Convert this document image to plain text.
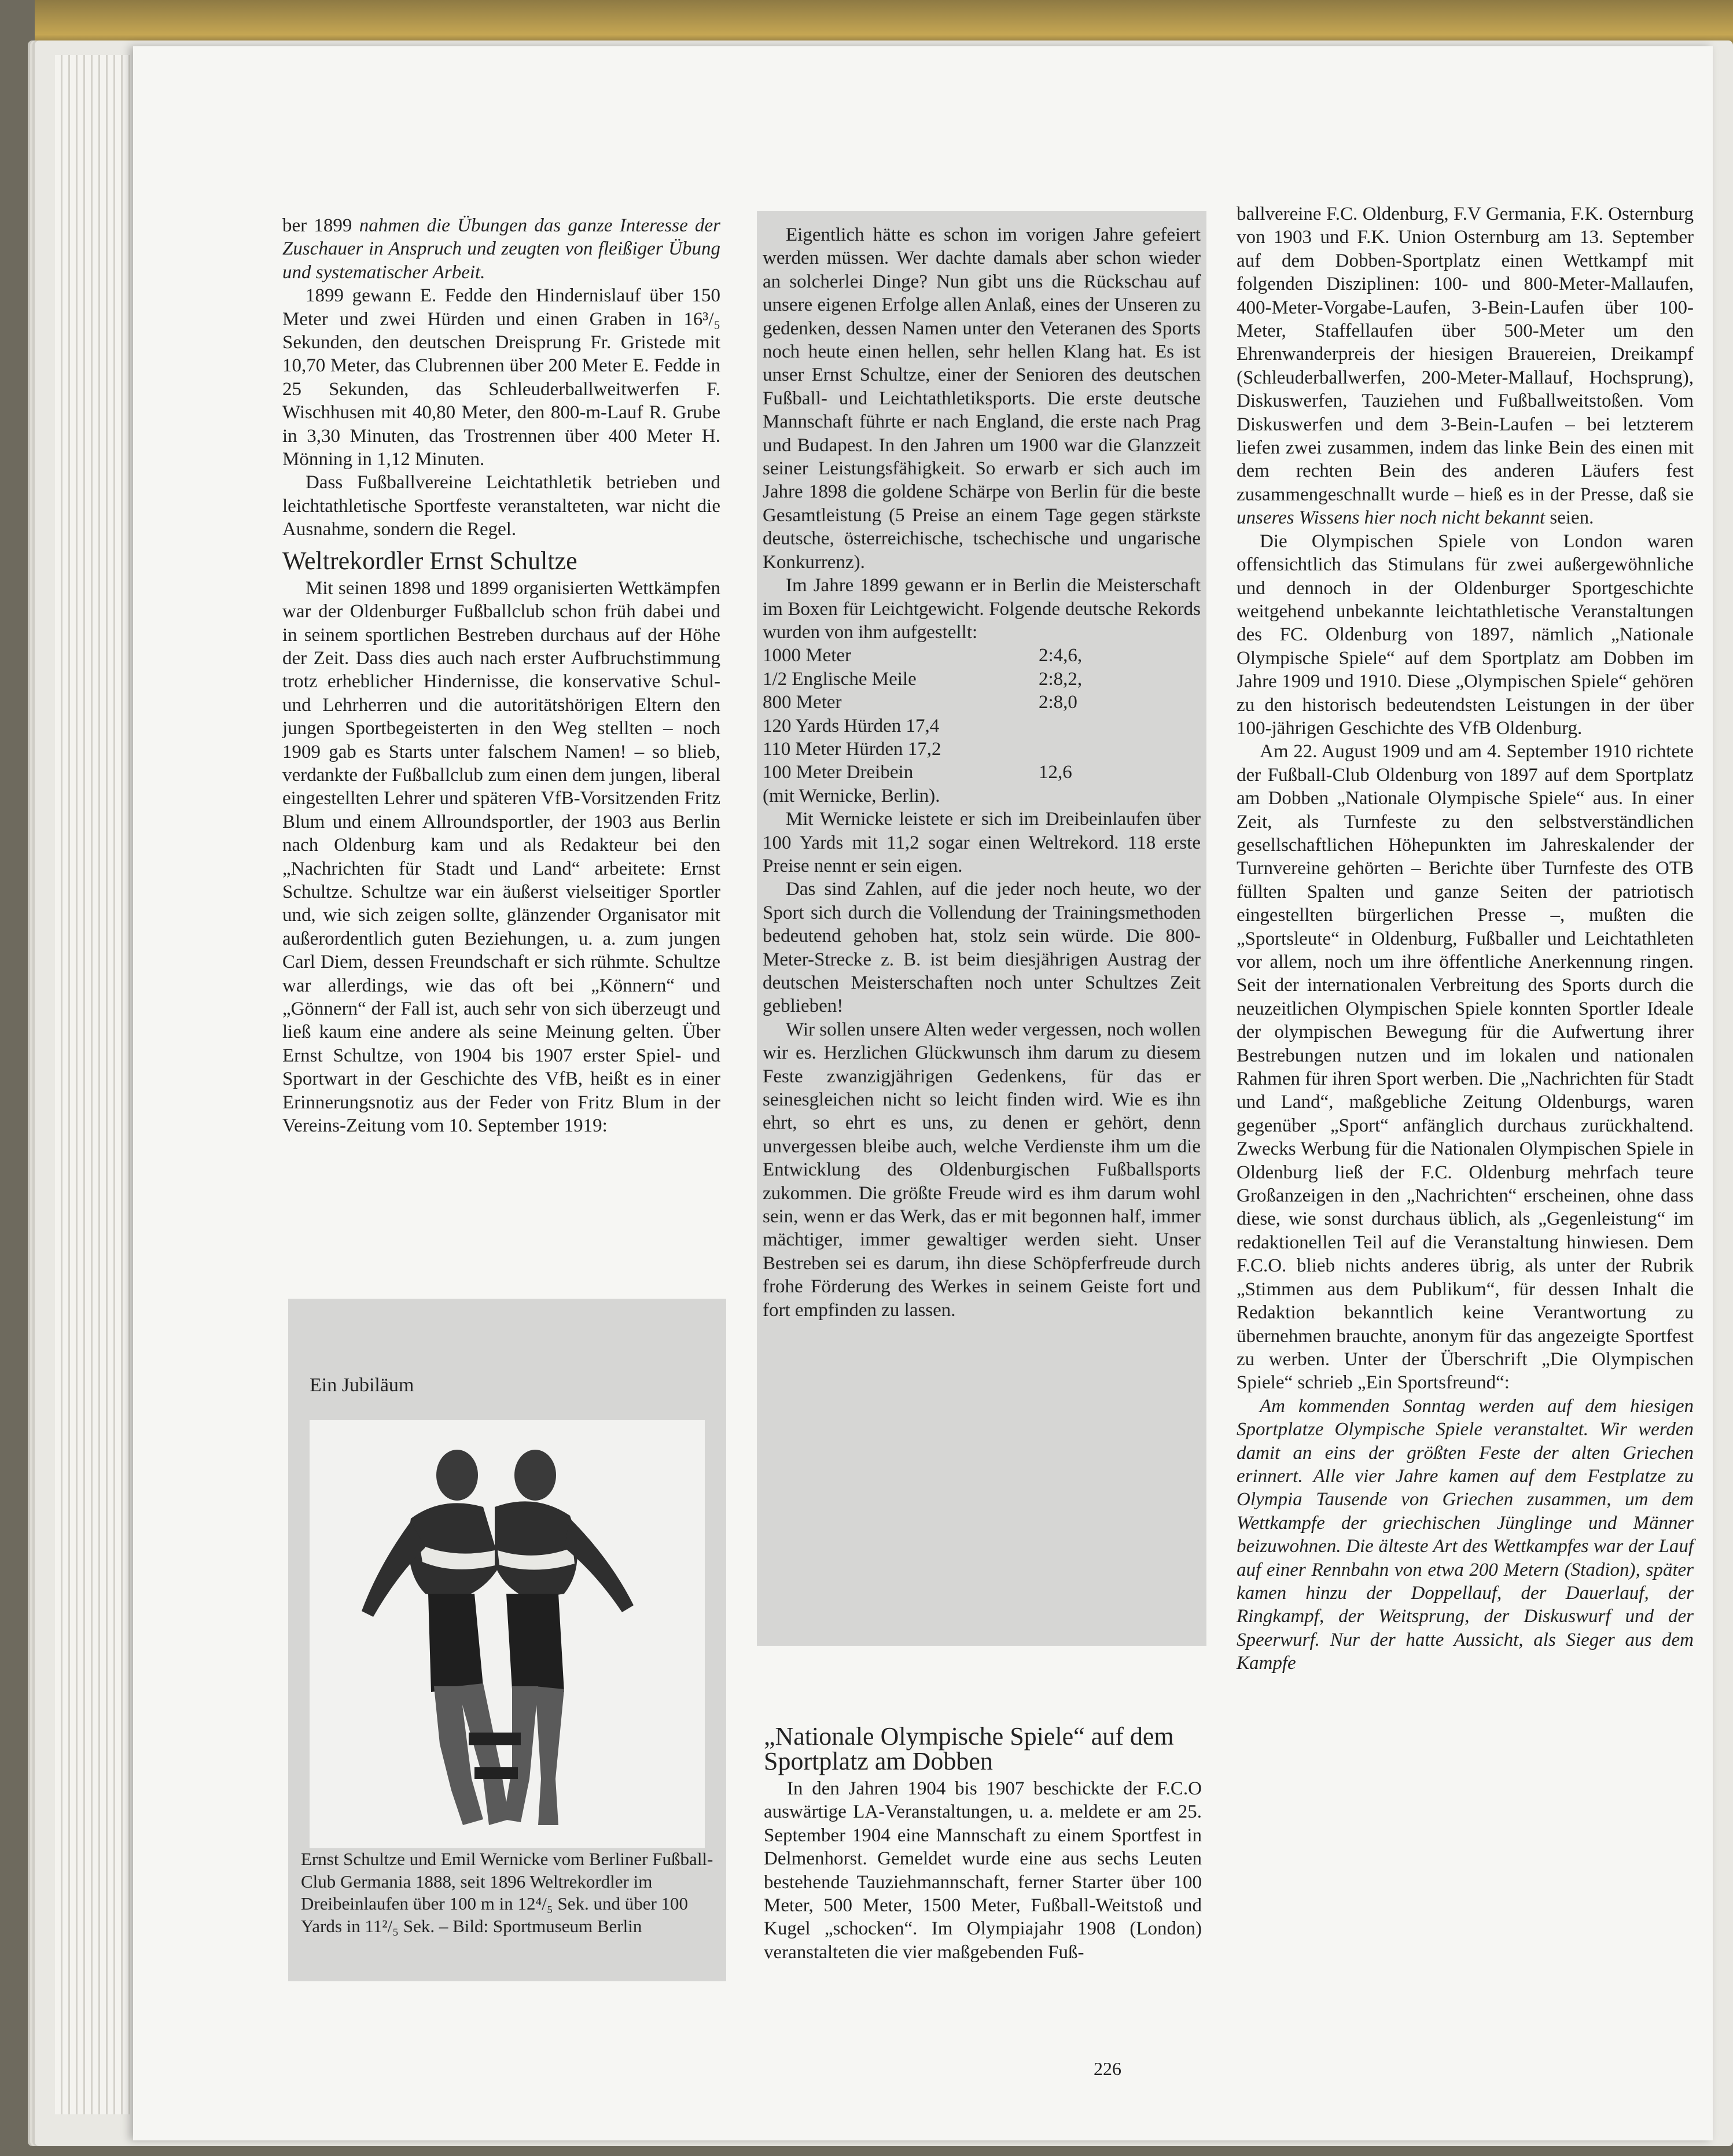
ber 1899 nahmen die Übungen das ganze Interesse der Zuschauer in Anspruch und zeugten von fleißiger Übung und systematischer Arbeit.

1899 gewann E. Fedde den Hindernislauf über 150 Meter und zwei Hürden und einen Graben in 16³/₅ Sekunden, den deutschen Dreisprung Fr. Gristede mit 10,70 Meter, das Clubrennen über 200 Meter E. Fedde in 25 Sekunden, das Schleuderballweitwerfen F. Wischhusen mit 40,80 Meter, den 800-m-Lauf R. Grube in 3,30 Minuten, das Trostrennen über 400 Meter H. Mönning in 1,12 Minuten.

Dass Fußballvereine Leichtathletik betrieben und leichtathletische Sportfeste veranstalteten, war nicht die Ausnahme, sondern die Regel.

Weltrekordler Ernst Schultze

Mit seinen 1898 und 1899 organisierten Wettkämpfen war der Oldenburger Fußballclub schon früh dabei und in seinem sportlichen Bestreben durchaus auf der Höhe der Zeit. Dass dies auch nach erster Aufbruchstimmung trotz erheblicher Hindernisse, die konservative Schul- und Lehrherren und die autoritätshörigen Eltern den jungen Sportbegeisterten in den Weg stellten – noch 1909 gab es Starts unter falschem Namen! – so blieb, verdankte der Fußballclub zum einen dem jungen, liberal eingestellten Lehrer und späteren VfB-Vorsitzenden Fritz Blum und einem Allroundsportler, der 1903 aus Berlin nach Oldenburg kam und als Redakteur bei den „Nachrichten für Stadt und Land“ arbeitete: Ernst Schultze. Schultze war ein äußerst vielseitiger Sportler und, wie sich zeigen sollte, glänzender Organisator mit außerordentlich guten Beziehungen, u. a. zum jungen Carl Diem, dessen Freundschaft er sich rühmte. Schultze war allerdings, wie das oft bei „Könnern“ und „Gönnern“ der Fall ist, auch sehr von sich überzeugt und ließ kaum eine andere als seine Meinung gelten. Über Ernst Schultze, von 1904 bis 1907 erster Spiel- und Sportwart in der Geschichte des VfB, heißt es in einer Erinnerungsnotiz aus der Feder von Fritz Blum in der Vereins-Zeitung vom 10. September 1919:

Ein Jubiläum
Ernst Schultze und Emil Wernicke vom Berliner Fußball-Club Germania 1888, seit 1896 Weltrekordler im Dreibeinlaufen über 100 m in 12⁴/₅ Sek. und über 100 Yards in 11²/₅ Sek. – Bild: Sportmuseum Berlin

Eigentlich hätte es schon im vorigen Jahre gefeiert werden müssen. Wer dachte damals aber schon wieder an solcherlei Dinge? Nun gibt uns die Rückschau auf unsere eigenen Erfolge allen Anlaß, eines der Unseren zu gedenken, dessen Namen unter den Veteranen des Sports noch heute einen hellen, sehr hellen Klang hat. Es ist unser Ernst Schultze, einer der Senioren des deutschen Fußball- und Leichtathletiksports. Die erste deutsche Mannschaft führte er nach England, die erste nach Prag und Budapest. In den Jahren um 1900 war die Glanzzeit seiner Leistungsfähigkeit. So erwarb er sich auch im Jahre 1898 die goldene Schärpe von Berlin für die beste Gesamtleistung (5 Preise an einem Tage gegen stärkste deutsche, österreichische, tschechische und ungarische Konkurrenz).

Im Jahre 1899 gewann er in Berlin die Meisterschaft im Boxen für Leichtgewicht. Folgende deutsche Rekords wurden von ihm aufgestellt:

1000 Meter	2:4,6,
1/2 Englische Meile	2:8,2,
800 Meter	2:8,0
120 Yards Hürden 17,4	
110 Meter Hürden 17,2	
100 Meter Dreibein	12,6

(mit Wernicke, Berlin).

Mit Wernicke leistete er sich im Dreibeinlaufen über 100 Yards mit 11,2 sogar einen Weltrekord. 118 erste Preise nennt er sein eigen.

Das sind Zahlen, auf die jeder noch heute, wo der Sport sich durch die Vollendung der Trainingsmethoden bedeutend gehoben hat, stolz sein würde. Die 800-Meter-Strecke z. B. ist beim diesjährigen Austrag der deutschen Meisterschaften noch unter Schultzes Zeit geblieben!

Wir sollen unsere Alten weder vergessen, noch wollen wir es. Herzlichen Glückwunsch ihm darum zu diesem Feste zwanzigjährigen Gedenkens, für das er seinesgleichen nicht so leicht finden wird. Wie es ihn ehrt, so ehrt es uns, zu denen er gehört, denn unvergessen bleibe auch, welche Verdienste ihm um die Entwicklung des Oldenburgischen Fußballsports zukommen. Die größte Freude wird es ihm darum wohl sein, wenn er das Werk, das er mit begonnen half, immer mächtiger, immer gewaltiger werden sieht. Unser Bestreben sei es darum, ihn diese Schöpferfreude durch frohe Förderung des Werkes in seinem Geiste fort und fort empfinden zu lassen.

„Nationale Olympische Spiele“ auf dem Sportplatz am Dobben

In den Jahren 1904 bis 1907 beschickte der F.C.O auswärtige LA-Veranstaltungen, u. a. meldete er am 25. September 1904 eine Mannschaft zu einem Sportfest in Delmenhorst. Gemeldet wurde eine aus sechs Leuten bestehende Tauziehmannschaft, ferner Starter über 100 Meter, 500 Meter, 1500 Meter, Fußball-Weitstoß und Kugel „schocken“. Im Olympiajahr 1908 (London) veranstalteten die vier maßgebenden Fuß-

ballvereine F.C. Oldenburg, F.V Germania, F.K. Osternburg von 1903 und F.K. Union Osternburg am 13. September auf dem Dobben-Sportplatz einen Wettkampf mit folgenden Disziplinen: 100- und 800-Meter-Mallaufen, 400-Meter-Vorgabe-Laufen, 3-Bein-Laufen über 100-Meter, Staffellaufen über 500-Meter um den Ehrenwanderpreis der hiesigen Brauereien, Dreikampf (Schleuderballwerfen, 200-Meter-Mallauf, Hochsprung), Diskuswerfen, Tauziehen und Fußballweitstoßen. Vom Diskuswerfen und dem 3-Bein-Laufen – bei letzterem liefen zwei zusammen, indem das linke Bein des einen mit dem rechten Bein des anderen Läufers fest zusammengeschnallt wurde – hieß es in der Presse, daß sie unseres Wissens hier noch nicht bekannt seien.

Die Olympischen Spiele von London waren offensichtlich das Stimulans für zwei außergewöhnliche und dennoch in der Oldenburger Sportgeschichte weitgehend unbekannte leichtathletische Veranstaltungen des FC. Oldenburg von 1897, nämlich „Nationale Olympische Spiele“ auf dem Sportplatz am Dobben im Jahre 1909 und 1910. Diese „Olympischen Spiele“ gehören zu den historisch bedeutendsten Leistungen in der über 100-jährigen Geschichte des VfB Oldenburg.

Am 22. August 1909 und am 4. September 1910 richtete der Fußball-Club Oldenburg von 1897 auf dem Sportplatz am Dobben „Nationale Olympische Spiele“ aus. In einer Zeit, als Turnfeste zu den selbstverständlichen gesellschaftlichen Höhepunkten im Jahreskalender der Turnvereine gehörten – Berichte über Turnfeste des OTB füllten Spalten und ganze Seiten der patriotisch eingestellten bürgerlichen Presse –, mußten die „Sportsleute“ in Oldenburg, Fußballer und Leichtathleten vor allem, noch um ihre öffentliche Anerkennung ringen. Seit der internationalen Verbreitung des Sports durch die neuzeitlichen Olympischen Spiele konnten Sportler Ideale der olympischen Bewegung für die Aufwertung ihrer Bestrebungen nutzen und im lokalen und nationalen Rahmen für ihren Sport werben. Die „Nachrichten für Stadt und Land“, maßgebliche Zeitung Oldenburgs, waren gegenüber „Sport“ anfänglich durchaus zurückhaltend. Zwecks Werbung für die Nationalen Olympischen Spiele in Oldenburg ließ der F.C. Oldenburg mehrfach teure Großanzeigen in den „Nachrichten“ erscheinen, ohne dass diese, wie sonst durchaus üblich, als „Gegenleistung“ im redaktionellen Teil auf die Veranstaltung hinwiesen. Dem F.C.O. blieb nichts anderes übrig, als unter der Rubrik „Stimmen aus dem Publikum“, für dessen Inhalt die Redaktion bekanntlich keine Verantwortung zu übernehmen brauchte, anonym für das angezeigte Sportfest zu werben. Unter der Überschrift „Die Olympischen Spiele“ schrieb „Ein Sportsfreund“:

Am kommenden Sonntag werden auf dem hiesigen Sportplatze Olympische Spiele veranstaltet. Wir werden damit an eins der größten Feste der alten Griechen erinnert. Alle vier Jahre kamen auf dem Festplatze zu Olympia Tausende von Griechen zusammen, um dem Wettkampfe der griechischen Jünglinge und Männer beizuwohnen. Die älteste Art des Wettkampfes war der Lauf auf einer Rennbahn von etwa 200 Metern (Stadion), später kamen hinzu der Doppellauf, der Dauerlauf, der Ringkampf, der Weitsprung, der Diskuswurf und der Speerwurf. Nur der hatte Aussicht, als Sieger aus dem Kampfe

226
